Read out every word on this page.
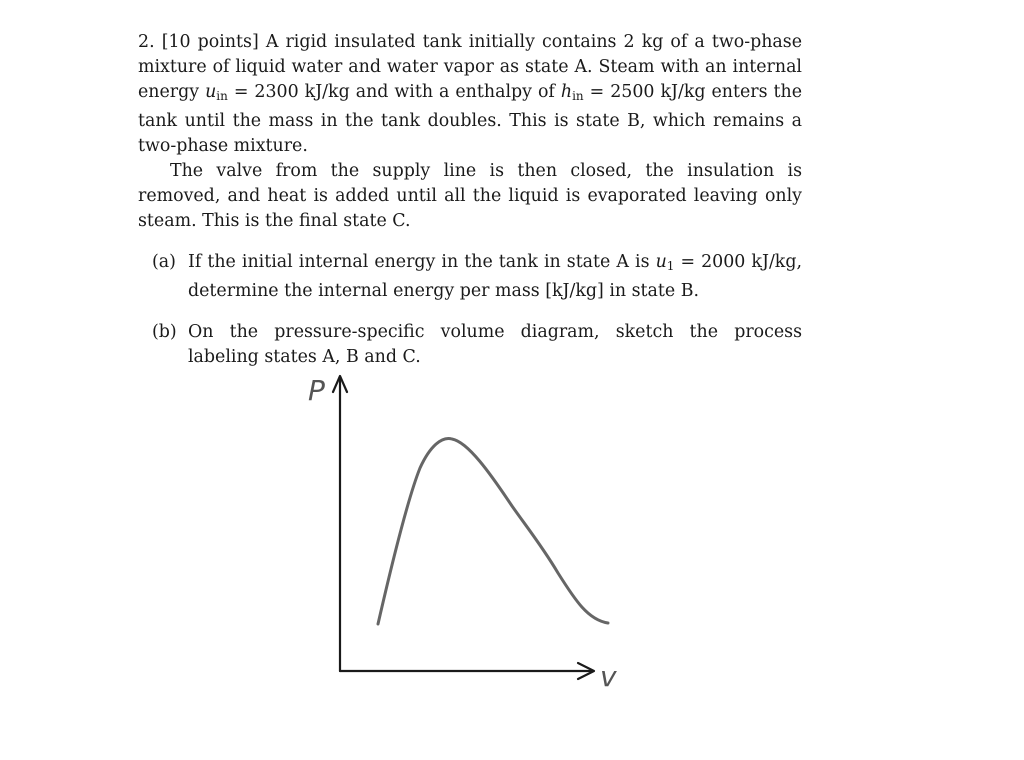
2. [10 points] A rigid insulated tank initially contains 2 kg of a two-phase mixture of liquid water and water vapor as state A. Steam with an internal energy $u_{in} = 2300$ kJ/kg and with a enthalpy of $h_{in} = 2500$ kJ/kg enters the tank until the mass in the tank doubles. This is state B, which remains a two-phase mixture.

The valve from the supply line is then closed, the insulation is removed, and heat is added until all the liquid is evaporated leaving only steam. This is the final state C.

(a) If the initial internal energy in the tank in state A is $u_1 = 2000$ kJ/kg, determine the internal energy per mass [kJ/kg] in state B.
(b) On the pressure-specific volume diagram, sketch the process labeling states A, B and C.
P
v
